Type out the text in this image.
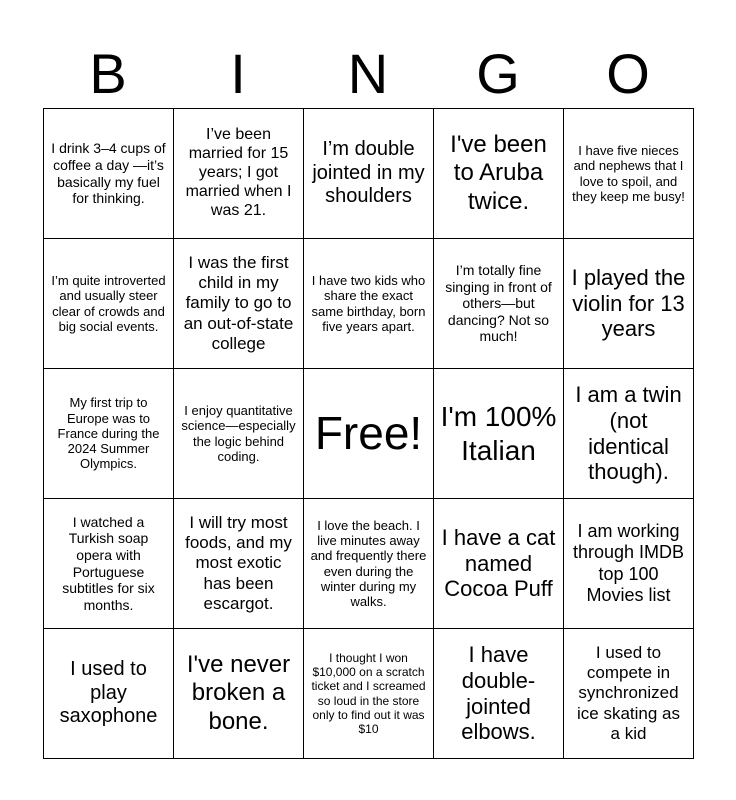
B	I	N	G	O
I drink 3–4 cups of coffee a day —it’s basically my fuel for thinking.	I’ve been married for 15 years; I got married when I was 21.	I’m double jointed in my shoulders	I've been to Aruba twice.	I have five nieces and nephews that I love to spoil, and they keep me busy!
I’m quite introverted and usually steer clear of crowds and big social events.	I was the first child in my family to go to an out-of-state college	I have two kids who share the exact same birthday, born five years apart.	I’m totally fine singing in front of others—but dancing? Not so much!	I played the violin for 13 years
My first trip to Europe was to France during the 2024 Summer Olympics.	I enjoy quantitative science—especially the logic behind coding.	Free!	I'm 100% Italian	I am a twin (not identical though).
I watched a Turkish soap opera with Portuguese subtitles for six months.	I will try most foods, and my most exotic has been escargot.	I love the beach. I live minutes away and frequently there even during the winter during my walks.	I have a cat named Cocoa Puff	I am working through IMDB top 100 Movies list
I used to play saxophone	I've never broken a bone.	I thought I won $10,000 on a scratch ticket and I screamed so loud in the store only to find out it was $10	I have double-jointed elbows.	I used to compete in synchronized ice skating as a kid
